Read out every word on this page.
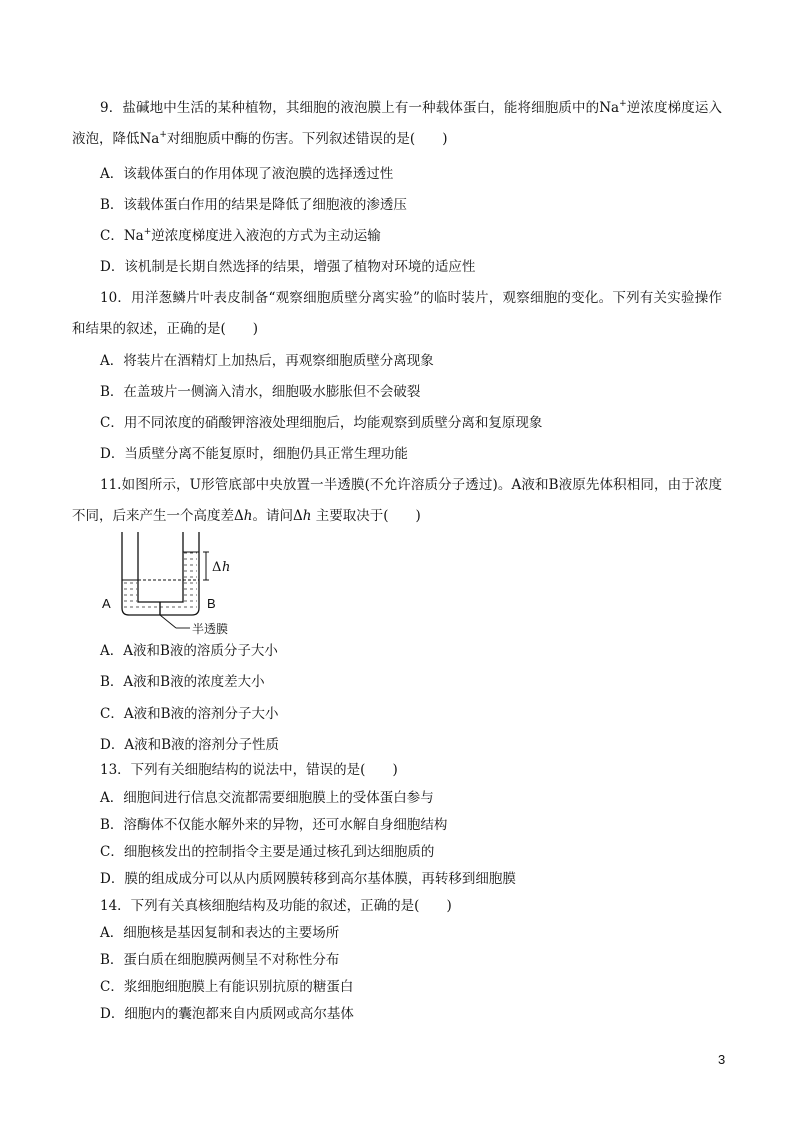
9．盐碱地中生活的某种植物，其细胞的液泡膜上有一种载体蛋白，能将细胞质中的Na+逆浓度梯度运入液泡，降低Na+对细胞质中酶的伤害。下列叙述错误的是(　　)
A．该载体蛋白的作用体现了液泡膜的选择透过性
B．该载体蛋白作用的结果是降低了细胞液的渗透压
C．Na+逆浓度梯度进入液泡的方式为主动运输
D．该机制是长期自然选择的结果，增强了植物对环境的适应性
10．用洋葱鳞片叶表皮制备“观察细胞质壁分离实验”的临时装片，观察细胞的变化。下列有关实验操作和结果的叙述，正确的是(　　)
A．将装片在酒精灯上加热后，再观察细胞质壁分离现象
B．在盖玻片一侧滴入清水，细胞吸水膨胀但不会破裂
C．用不同浓度的硝酸钾溶液处理细胞后，均能观察到质壁分离和复原现象
D．当质壁分离不能复原时，细胞仍具正常生理功能
11.如图所示，U形管底部中央放置一半透膜(不允许溶质分子透过)。A液和B液原先体积相同，由于浓度不同，后来产生一个高度差Δh。请问Δh 主要取决于(　　)
A	B
Δ h
半透膜
A．A液和B液的溶质分子大小
B．A液和B液的浓度差大小
C．A液和B液的溶剂分子大小
D．A液和B液的溶剂分子性质
13．下列有关细胞结构的说法中，错误的是(　　)
A．细胞间进行信息交流都需要细胞膜上的受体蛋白参与
B．溶酶体不仅能水解外来的异物，还可水解自身细胞结构
C．细胞核发出的控制指令主要是通过核孔到达细胞质的
D．膜的组成成分可以从内质网膜转移到高尔基体膜，再转移到细胞膜
14．下列有关真核细胞结构及功能的叙述，正确的是(　　)
A．细胞核是基因复制和表达的主要场所
B．蛋白质在细胞膜两侧呈不对称性分布
C．浆细胞细胞膜上有能识别抗原的糖蛋白
D．细胞内的囊泡都来自内质网或高尔基体
3
